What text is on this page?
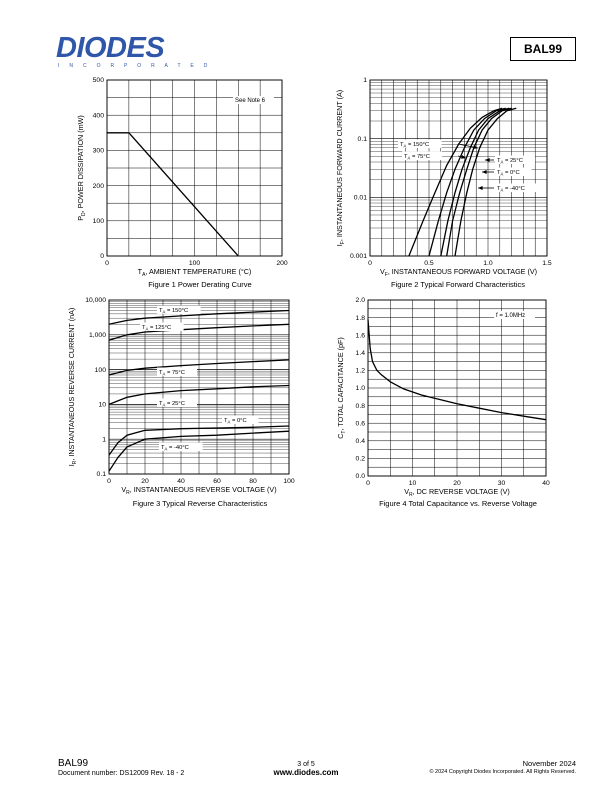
DIODES
I N C O R P O R A T E D
BAL99
0
100
200
300
400
500
0	100	200
$T_A$, AMBIENT TEMPERATURE (°C)
$P_D$, POWER DISSIPATION (mW)
See Note 6
0.001
0.01
0.1
1
0	0.5	1.0	1.5
$V_F$, INSTANTANEOUS FORWARD VOLTAGE (V)
$I_F$, INSTANTANEOUS FORWARD CURRENT (A)	$T_A = 150^\circ C$
$T_A = 75^\circ C$
$T_A = 25^\circ C$
$T_A = 0^\circ C$
$T_A = -40^\circ C$
0.1
1
10
100
1,000
10,000
0	20	40	60	80	100
$V_R$, INSTANTANEOUS REVERSE VOLTAGE (V)
$I_R$, INSTANTANEOUS REVERSE CURRENT (nA)	$T_A = 150^\circ C$
$T_A = 125^\circ C$
$T_A = 75^\circ C$
$T_A = 25^\circ C$
$T_A = 0^\circ C$
$T_A = -40^\circ C$
0.0
0.2
0.4
0.6
0.8
1.0
1.2
1.4
1.6
1.8
2.0
0	10	20	30	40
$V_R$, DC REVERSE VOLTAGE (V)
$C_T$, TOTAL CAPACITANCE (pF)
f = 1.0MHz
Figure 1 Power Derating Curve	Figure 2 Typical Forward Characteristics
Figure 3 Typical Reverse Characteristics	Figure 4 Total Capacitance vs. Reverse Voltage
BAL99
Document number: DS12009 Rev. 18 - 2
3 of 5
www.diodes.com
November 2024
© 2024 Copyright Diodes Incorporated. All Rights Reserved.
